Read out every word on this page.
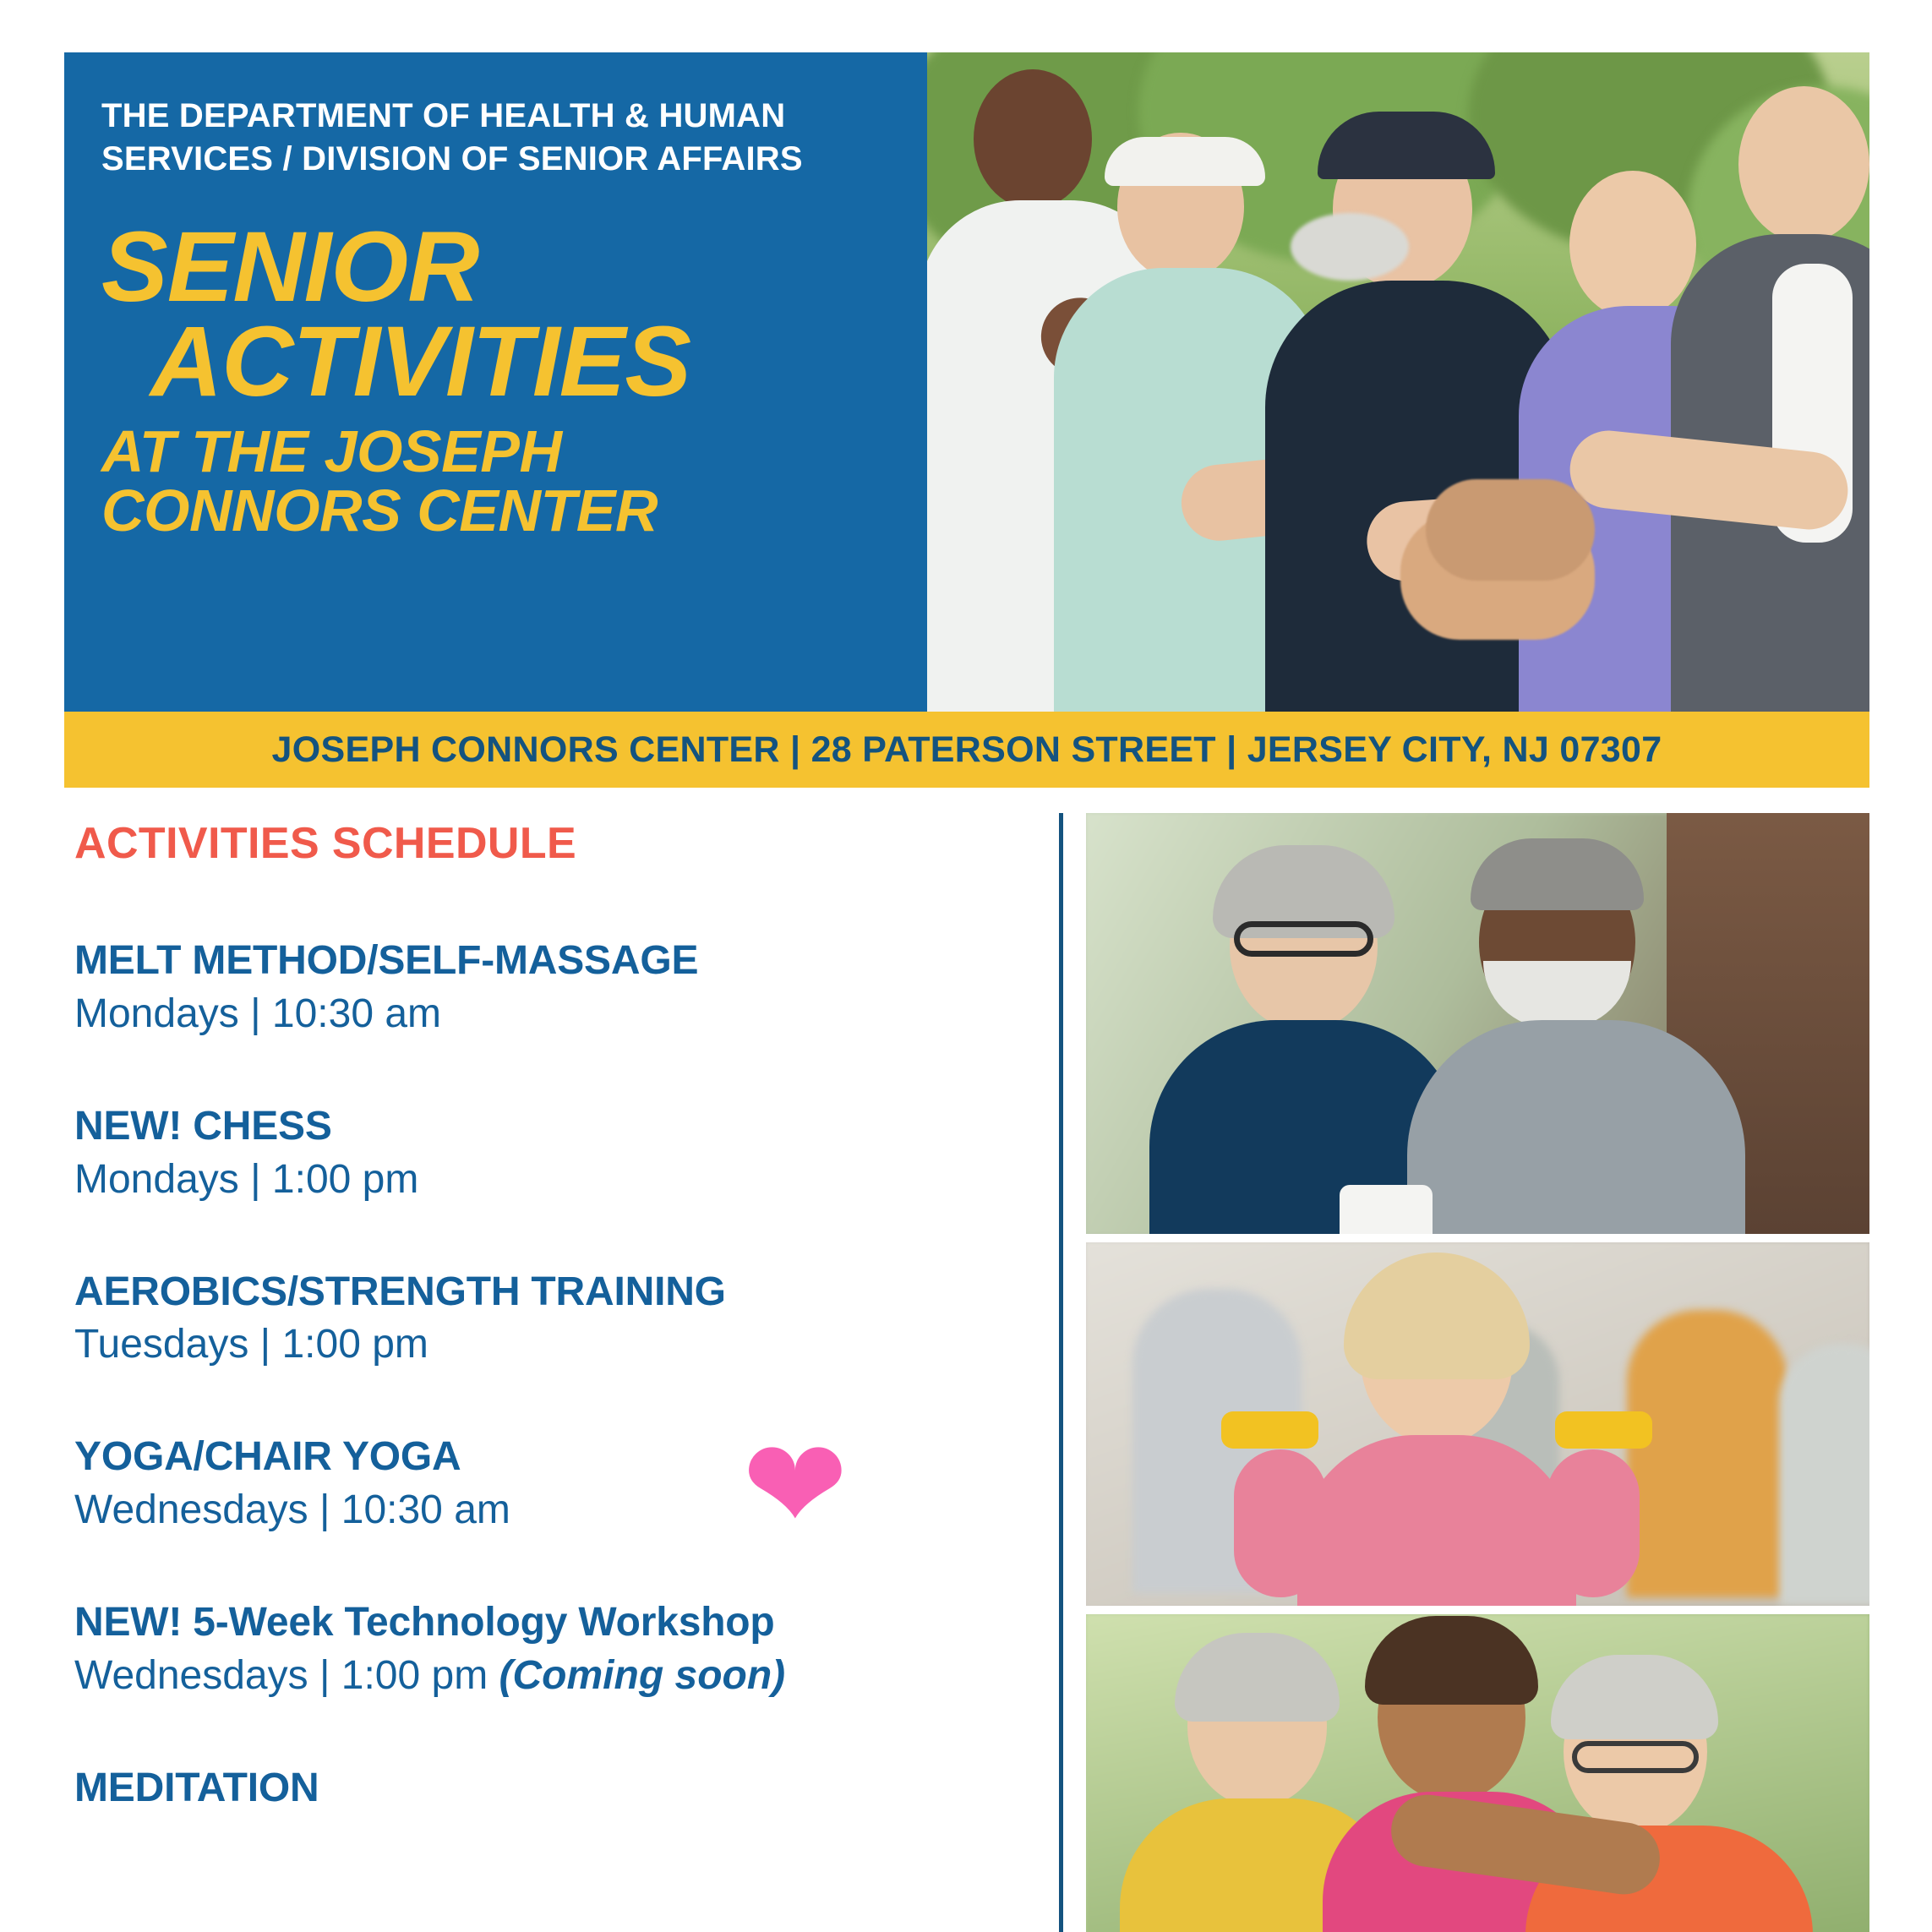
THE DEPARTMENT OF HEALTH & HUMAN SERVICES / DIVISION OF SENIOR AFFAIRS
SENIOR
ACTIVITIES
AT THE JOSEPH
CONNORS CENTER
JOSEPH CONNORS CENTER | 28 PATERSON STREET | JERSEY CITY, NJ 07307
ACTIVITIES SCHEDULE
MELT METHOD/SELF-MASSAGE
Mondays | 10:30 am
NEW! CHESS
Mondays | 1:00 pm
AEROBICS/STRENGTH TRAINING
Tuesdays | 1:00 pm
YOGA/CHAIR YOGA
Wednesdays | 10:30 am	❤
NEW! 5-Week Technology Workshop
Wednesdays | 1:00 pm (Coming soon)
MEDITATION
